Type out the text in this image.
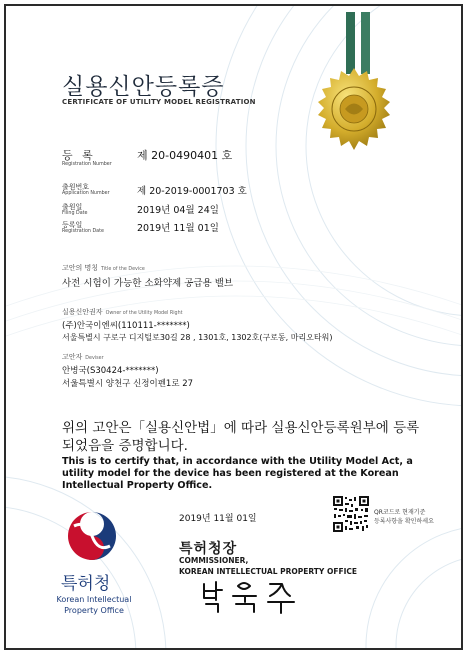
실용신안등록증
CERTIFICATE OF UTILITY MODEL REGISTRATION
등 록
Registration Number
제 20-0490401 호
출원번호
Application Number	제 20-2019-0001703 호
출원일
Filing Date	2019년 04월 24일
등록일
Registration Date	2019년 11월 01일
고안의 명칭 Title of the Device
사전 시험이 가능한 소화약제 공급용 밸브
실용신안권자 Owner of the Utility Model Right
(주)안국이엔씨(110111-*******)
서울특별시 구로구 디지털로30길 28 , 1301호, 1302호(구로동, 마리오타워)
고안자 Deviser
안병국(S30424-*******)
서울특별시 양천구 신정이펜1로 27
위의 고안은「실용신안법」에 따라 실용신안등록원부에 등록되었음을 증명합니다.
This is to certify that, in accordance with the Utility Model Act, a utility model for the device has been registered at the Korean Intellectual Property Office.
2019년 11월 01일
QR코드로 현재기준
등록사항을 확인하세요
특허청장
COMMISSIONER,
KOREAN INTELLECTUAL PROPERTY OFFICE
특허청
Korean Intellectual Property Office
